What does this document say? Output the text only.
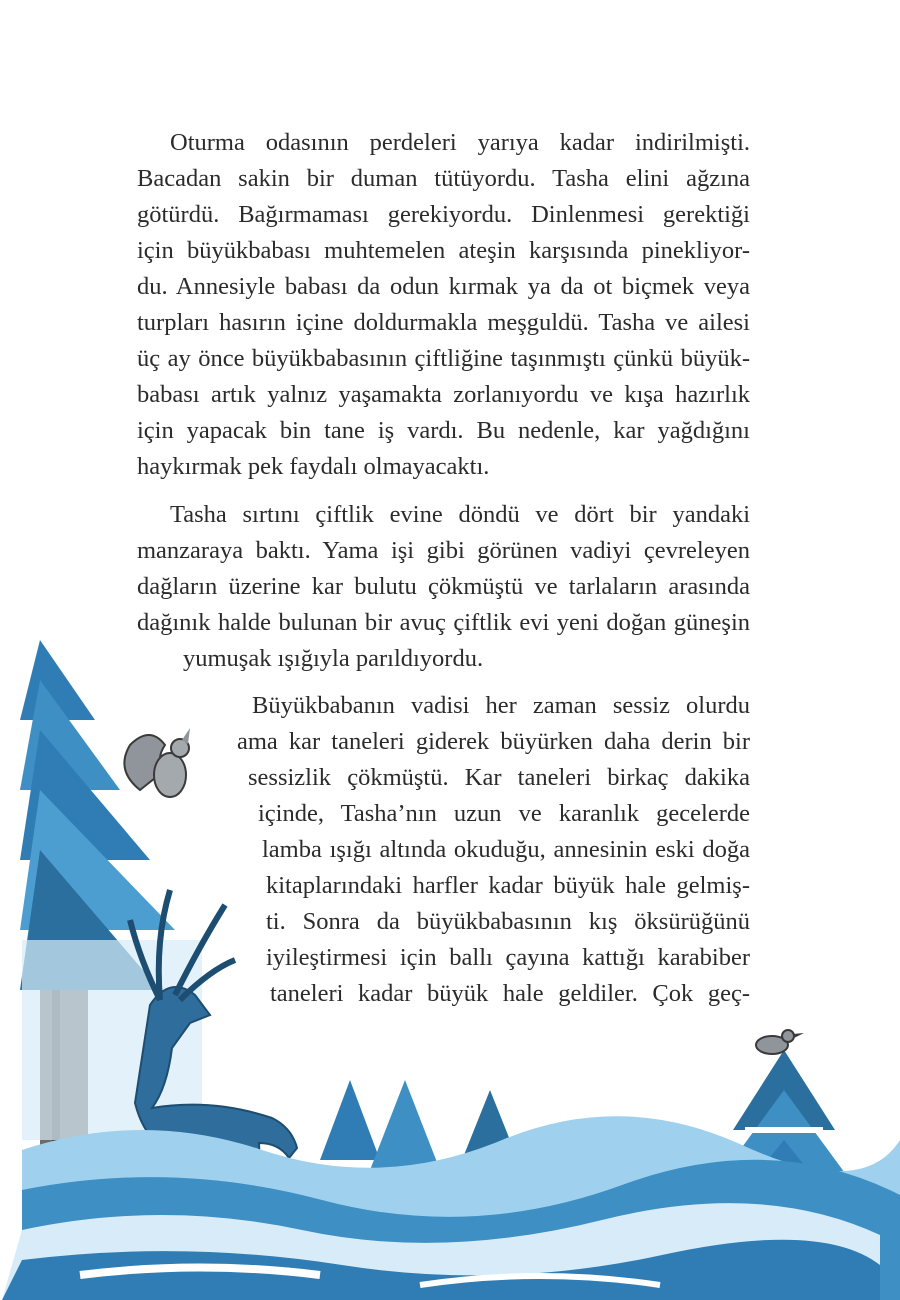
Oturma odasının perdeleri yarıya kadar indirilmişti.
Bacadan sakin bir duman tütüyordu. Tasha elini ağzına
götürdü. Bağırmaması gerekiyordu. Dinlenmesi gerektiği
için büyükbabası muhtemelen ateşin karşısında pinekliyor-
du. Annesiyle babası da odun kırmak ya da ot biçmek veya
turpları hasırın içine doldurmakla meşguldü. Tasha ve ailesi
üç ay önce büyükbabasının çiftliğine taşınmıştı çünkü büyük-
babası artık yalnız yaşamakta zorlanıyordu ve kışa hazırlık
için yapacak bin tane iş vardı. Bu nedenle, kar yağdığını
haykırmak pek faydalı olmayacaktı.
Tasha sırtını çiftlik evine döndü ve dört bir yandaki
manzaraya baktı. Yama işi gibi görünen vadiyi çevreleyen
dağların üzerine kar bulutu çökmüştü ve tarlaların arasında
dağınık halde bulunan bir avuç çiftlik evi yeni doğan güneşin
yumuşak ışığıyla parıldıyordu.
Büyükbabanın vadisi her zaman sessiz olurdu
ama kar taneleri giderek büyürken daha derin bir
sessizlik çökmüştü. Kar taneleri birkaç dakika
içinde, Tasha’nın uzun ve karanlık gecelerde
lamba ışığı altında okuduğu, annesinin eski doğa
kitaplarındaki harfler kadar büyük hale gelmiş-
ti. Sonra da büyükbabasının kış öksürüğünü
iyileştirmesi için ballı çayına kattığı karabiber
taneleri kadar büyük hale geldiler. Çok geç-
